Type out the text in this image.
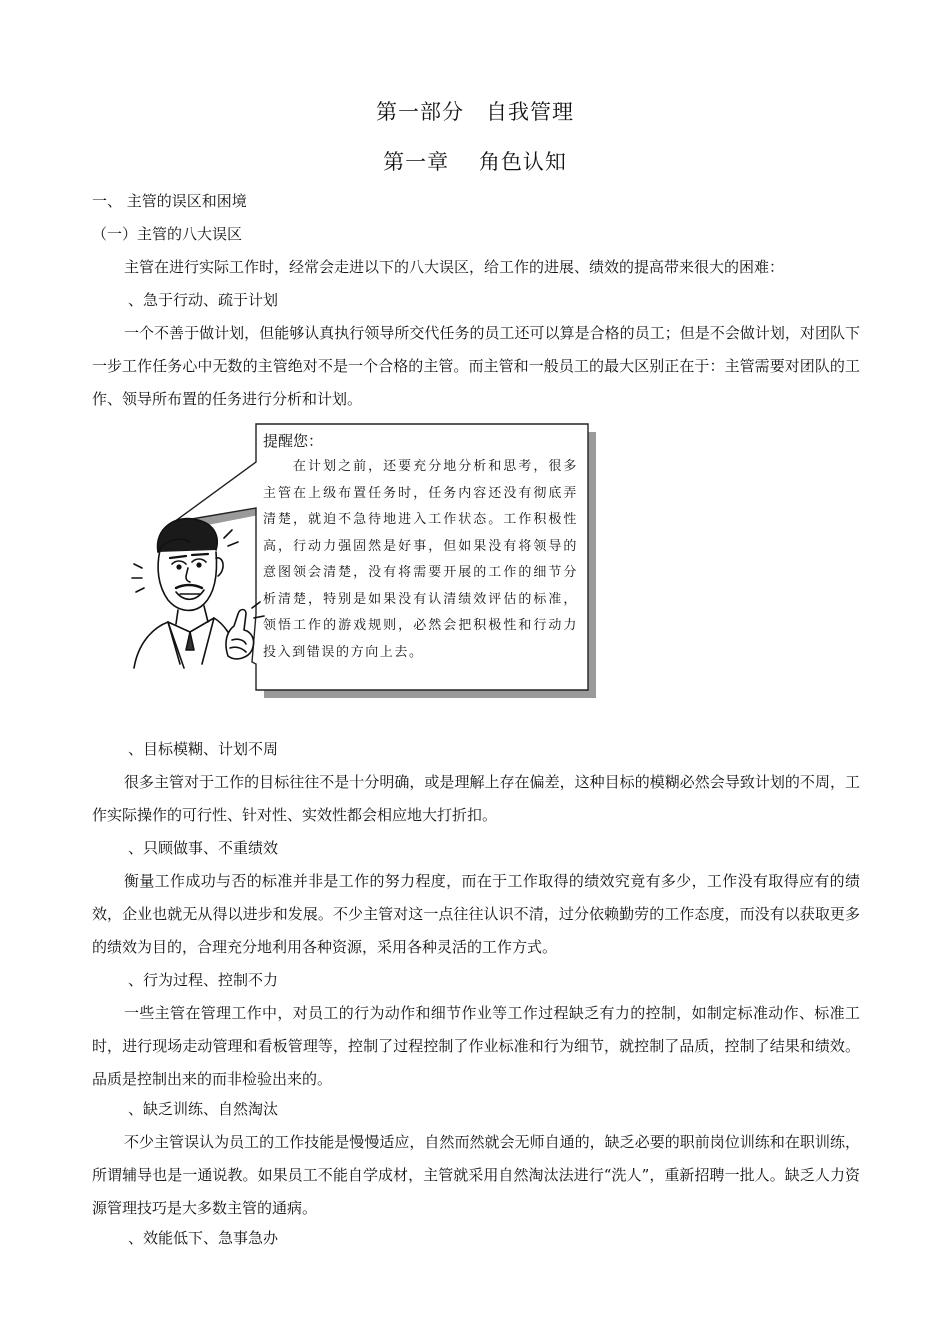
第一部分　自我管理
第一章　 角色认知
一、 主管的误区和困境
（一）主管的八大误区
主管在进行实际工作时，经常会走进以下的八大误区，给工作的进展、绩效的提高带来很大的困难：
、急于行动、疏于计划
一个不善于做计划，但能够认真执行领导所交代任务的员工还可以算是合格的员工；但是不会做计划，对团队下一步工作任务心中无数的主管绝对不是一个合格的主管。而主管和一般员工的最大区别正在于：主管需要对团队的工作、领导所布置的任务进行分析和计划。
提醒您：
在计划之前，还要充分地分析和思考，很多主管在上级布置任务时，任务内容还没有彻底弄清楚，就迫不急待地进入工作状态。工作积极性高，行动力强固然是好事，但如果没有将领导的意图领会清楚，没有将需要开展的工作的细节分析清楚，特别是如果没有认清绩效评估的标准，领悟工作的游戏规则，必然会把积极性和行动力投入到错误的方向上去。
、目标模糊、计划不周
很多主管对于工作的目标往往不是十分明确，或是理解上存在偏差，这种目标的模糊必然会导致计划的不周，工作实际操作的可行性、针对性、实效性都会相应地大打折扣。
、只顾做事、不重绩效
衡量工作成功与否的标准并非是工作的努力程度，而在于工作取得的绩效究竟有多少，工作没有取得应有的绩效，企业也就无从得以进步和发展。不少主管对这一点往往认识不清，过分依赖勤劳的工作态度，而没有以获取更多的绩效为目的，合理充分地利用各种资源，采用各种灵活的工作方式。
、行为过程、控制不力
一些主管在管理工作中，对员工的行为动作和细节作业等工作过程缺乏有力的控制，如制定标准动作、标准工时，进行现场走动管理和看板管理等，控制了过程控制了作业标准和行为细节，就控制了品质，控制了结果和绩效。品质是控制出来的而非检验出来的。
、缺乏训练、自然淘汰
不少主管误认为员工的工作技能是慢慢适应，自然而然就会无师自通的，缺乏必要的职前岗位训练和在职训练，所谓辅导也是一通说教。如果员工不能自学成材，主管就采用自然淘汰法进行“洗人”，重新招聘一批人。缺乏人力资源管理技巧是大多数主管的通病。
、效能低下、急事急办
